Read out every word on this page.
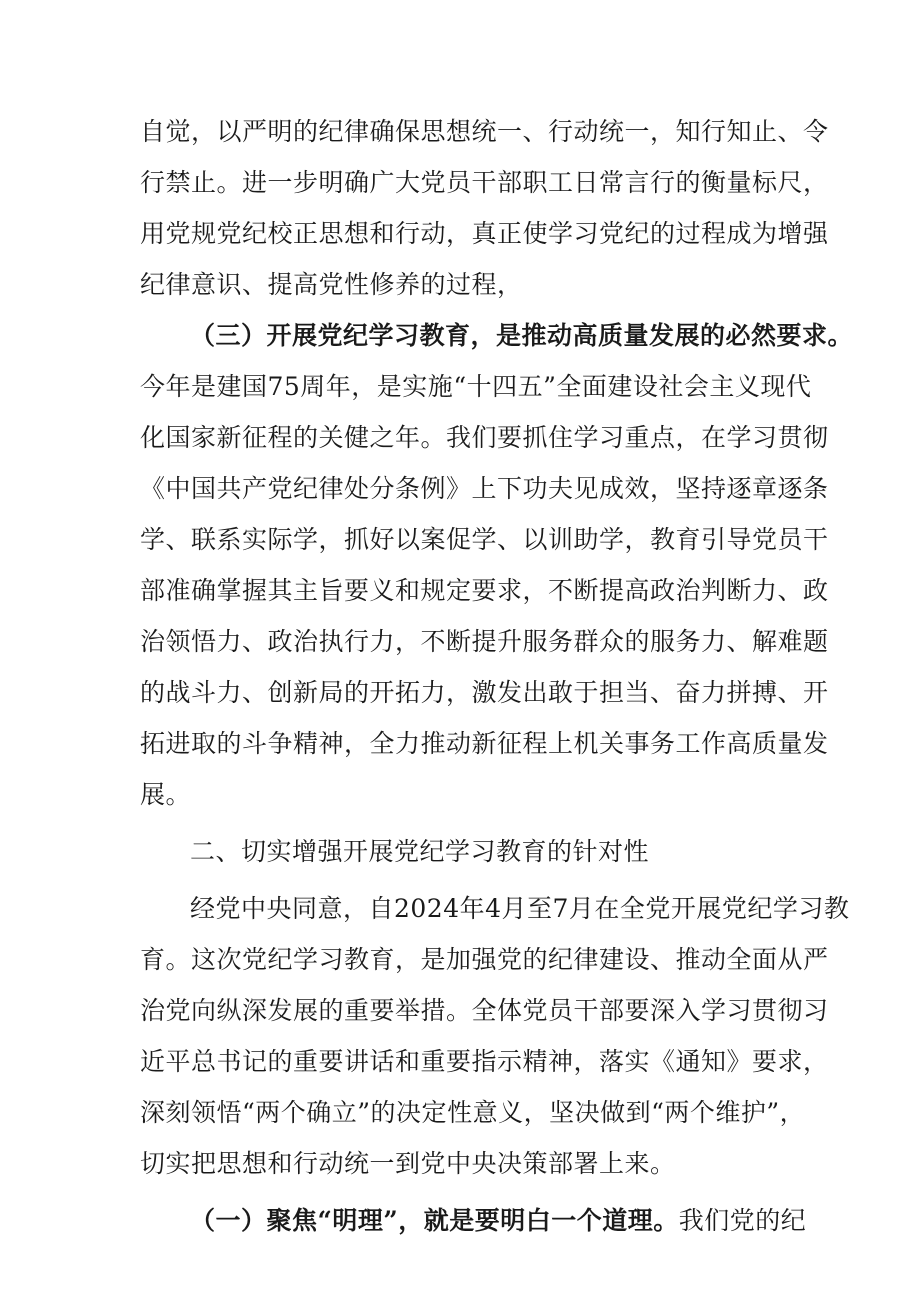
自觉，以严明的纪律确保思想统一、行动统一，知行知止、令
行禁止。进一步明确广大党员干部职工日常言行的衡量标尺，
用党规党纪校正思想和行动，真正使学习党纪的过程成为增强
纪律意识、提高党性修养的过程，
（三）开展党纪学习教育，是推动高质量发展的必然要求。
今年是建国75周年，是实施“十四五”全面建设社会主义现代
化国家新征程的关健之年。我们要抓住学习重点，在学习贯彻
《中国共产党纪律处分条例》上下功夫见成效，坚持逐章逐条
学、联系实际学，抓好以案促学、以训助学，教育引导党员干
部准确掌握其主旨要义和规定要求，不断提高政治判断力、政
治领悟力、政治执行力，不断提升服务群众的服务力、解难题
的战斗力、创新局的开拓力，激发出敢于担当、奋力拼搏、开
拓进取的斗争精神，全力推动新征程上机关事务工作高质量发
展。
二、切实增强开展党纪学习教育的针对性
经党中央同意，自2024年4月至7月在全党开展党纪学习教
育。这次党纪学习教育，是加强党的纪律建设、推动全面从严
治党向纵深发展的重要举措。全体党员干部要深入学习贯彻习
近平总书记的重要讲话和重要指示精神，落实《通知》要求，
深刻领悟“两个确立”的决定性意义，坚决做到“两个维护”，
切实把思想和行动统一到党中央决策部署上来。
（一）聚焦“明理”，就是要明白一个道理。我们党的纪
